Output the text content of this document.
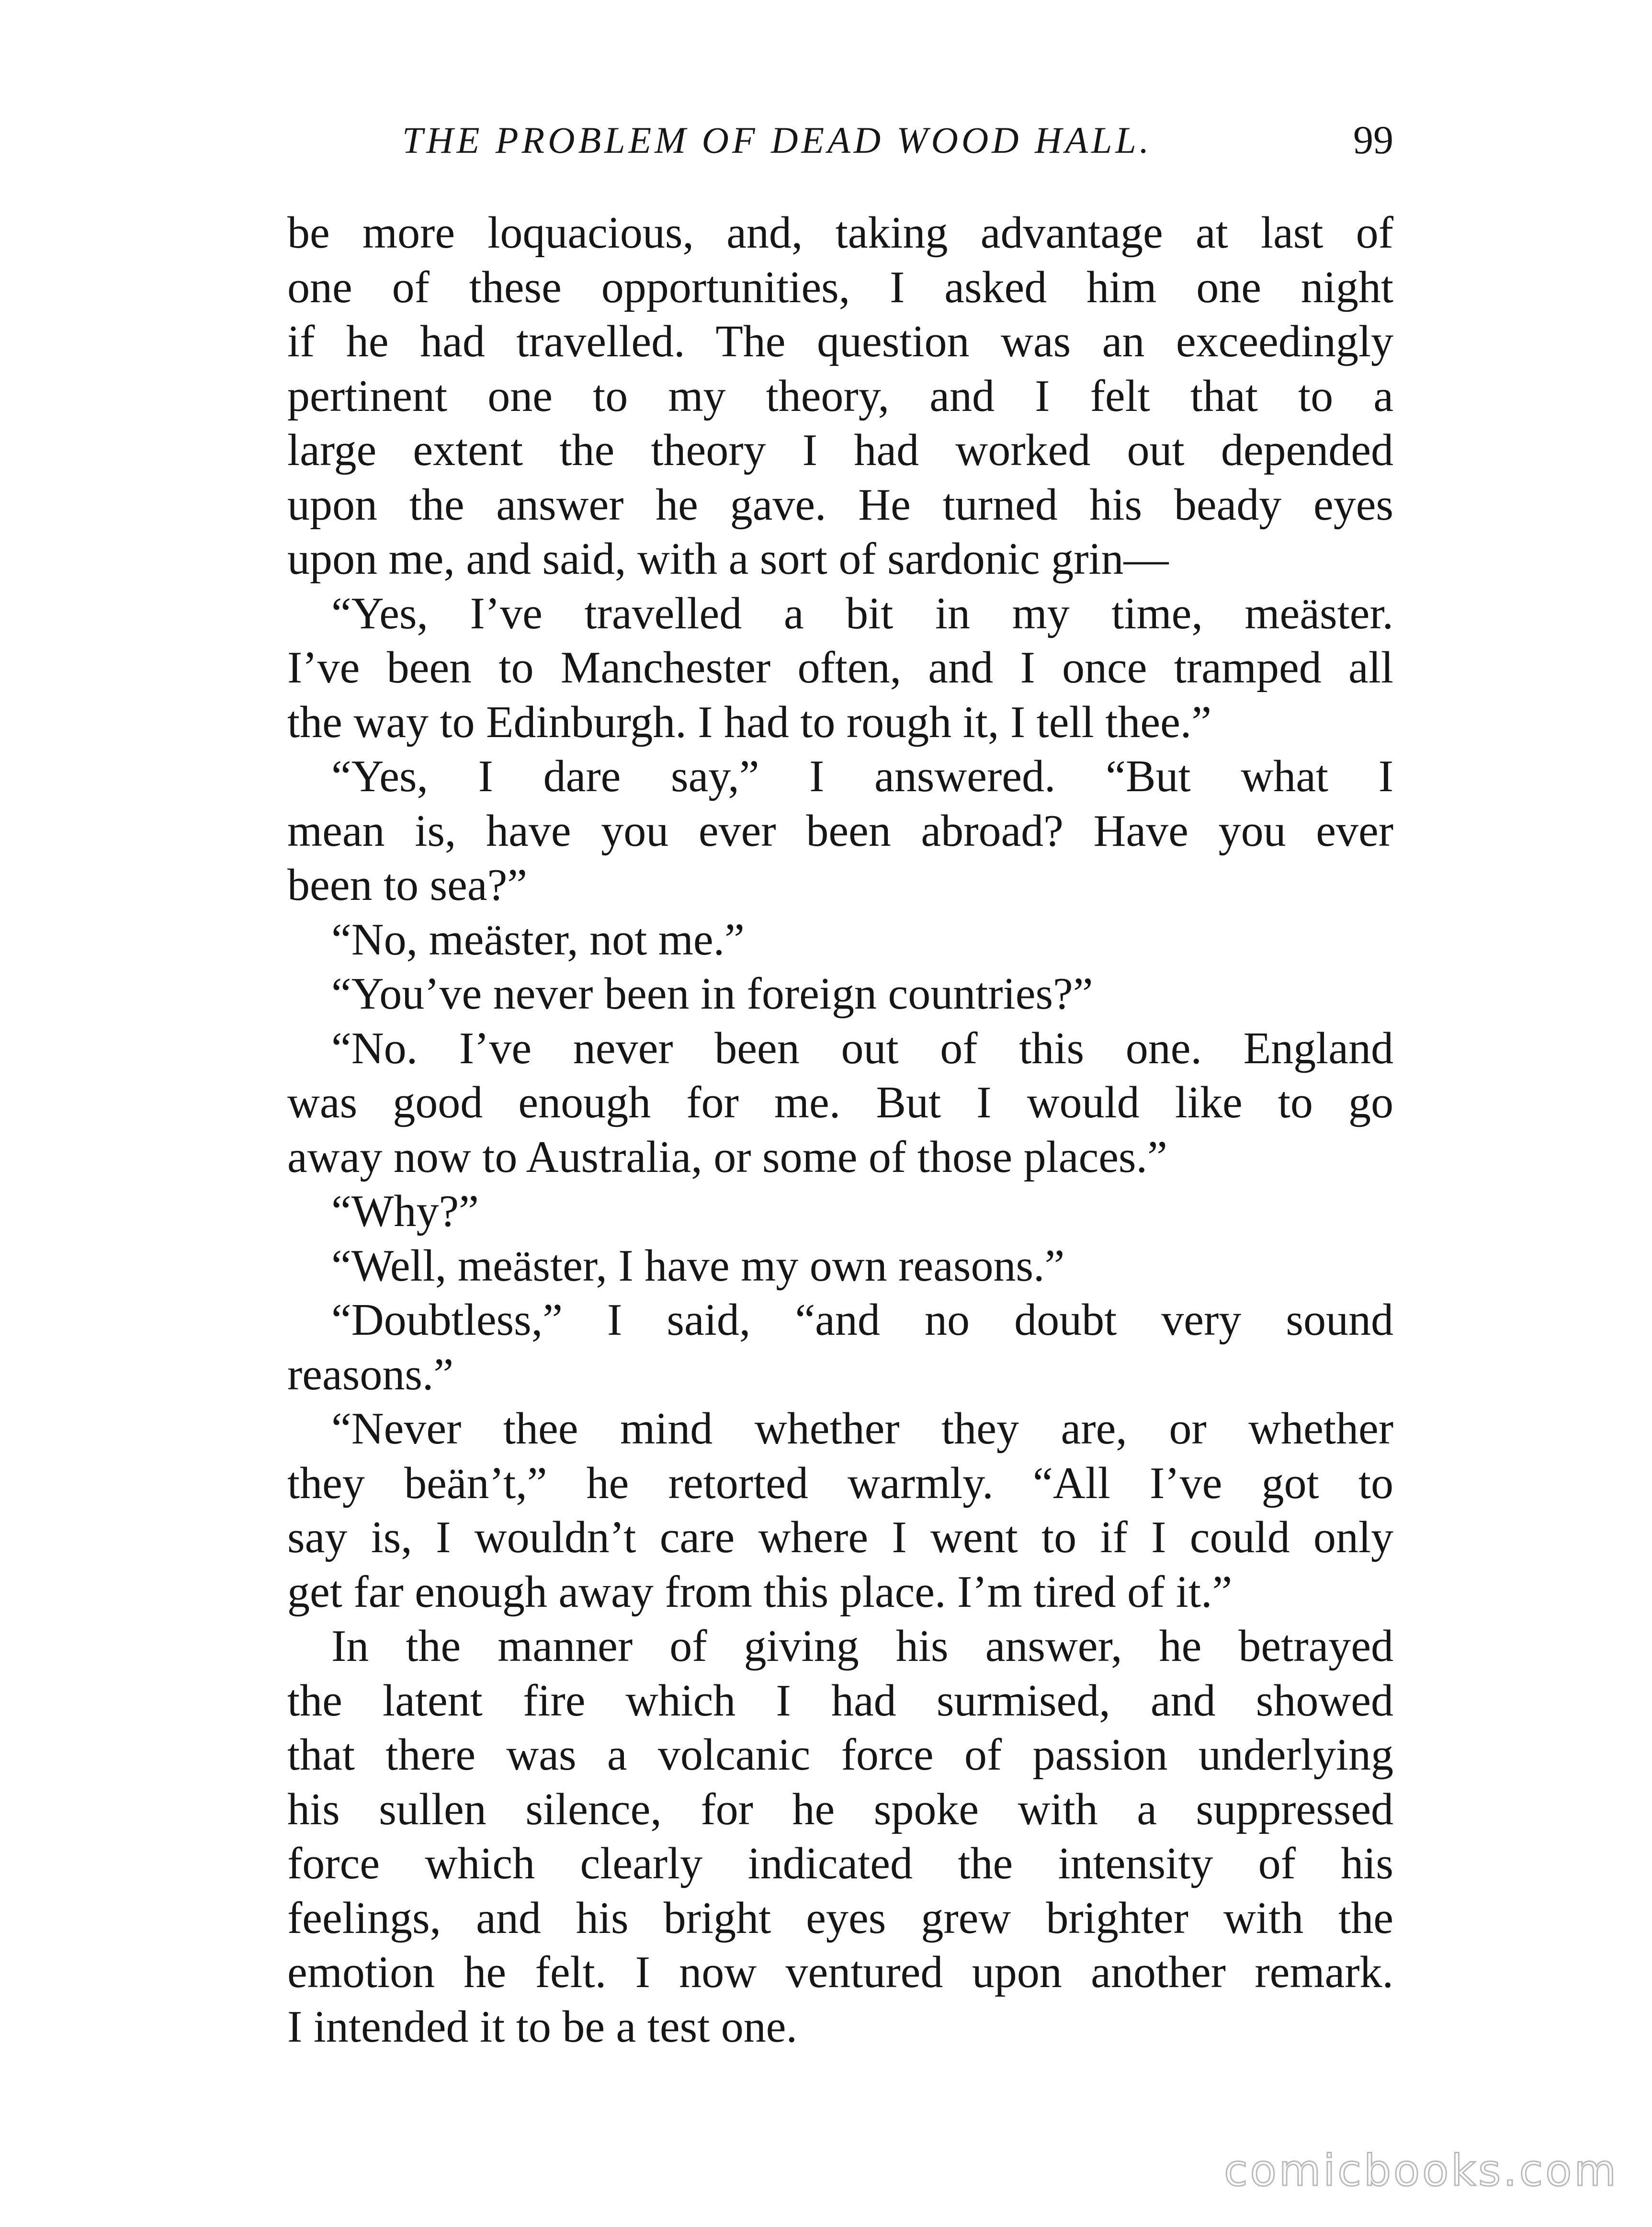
THE PROBLEM OF DEAD WOOD HALL.	99
be more loquacious, and, taking advantage at last of
one of these opportunities, I asked him one night
if he had travelled. The question was an exceedingly
pertinent one to my theory, and I felt that to a
large extent the theory I had worked out depended
upon the answer he gave. He turned his beady eyes
upon me, and said, with a sort of sardonic grin—
“Yes, I’ve travelled a bit in my time, meäster.
I’ve been to Manchester often, and I once tramped all
the way to Edinburgh. I had to rough it, I tell thee.”
“Yes, I dare say,” I answered. “But what I
mean is, have you ever been abroad? Have you ever
been to sea?”
“No, meäster, not me.”
“You’ve never been in foreign countries?”
“No. I’ve never been out of this one. England
was good enough for me. But I would like to go
away now to Australia, or some of those places.”
“Why?”
“Well, meäster, I have my own reasons.”
“Doubtless,” I said, “and no doubt very sound
reasons.”
“Never thee mind whether they are, or whether
they beän’t,” he retorted warmly. “All I’ve got to
say is, I wouldn’t care where I went to if I could only
get far enough away from this place. I’m tired of it.”
In the manner of giving his answer, he betrayed
the latent fire which I had surmised, and showed
that there was a volcanic force of passion underlying
his sullen silence, for he spoke with a suppressed
force which clearly indicated the intensity of his
feelings, and his bright eyes grew brighter with the
emotion he felt. I now ventured upon another remark.
I intended it to be a test one.
comicbooks.com
